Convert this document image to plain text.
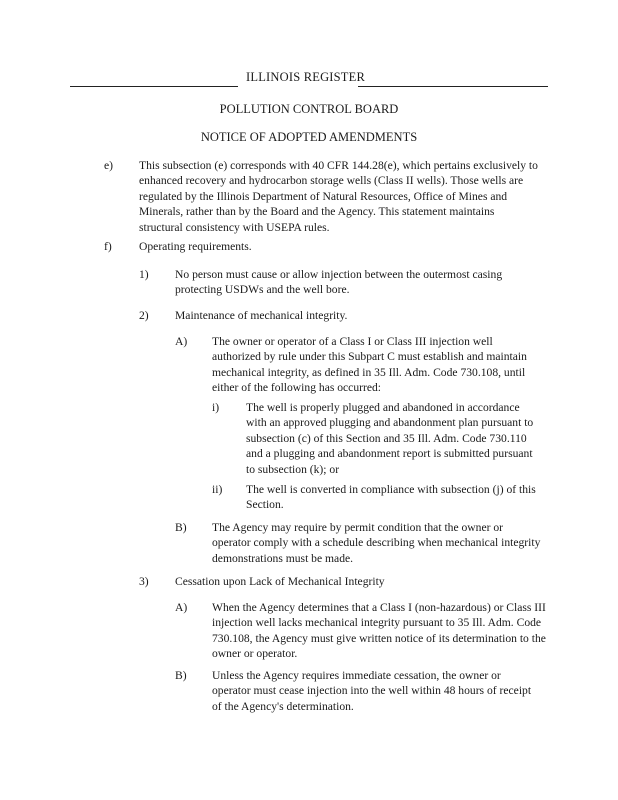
ILLINOIS REGISTER
POLLUTION CONTROL BOARD
NOTICE OF ADOPTED AMENDMENTS
e) This subsection (e) corresponds with 40 CFR 144.28(e), which pertains exclusively to enhanced recovery and hydrocarbon storage wells (Class II wells). Those wells are regulated by the Illinois Department of Natural Resources, Office of Mines and Minerals, rather than by the Board and the Agency. This statement maintains structural consistency with USEPA rules.
f) Operating requirements.
1) No person must cause or allow injection between the outermost casing protecting USDWs and the well bore.
2) Maintenance of mechanical integrity.
A) The owner or operator of a Class I or Class III injection well authorized by rule under this Subpart C must establish and maintain mechanical integrity, as defined in 35 Ill. Adm. Code 730.108, until either of the following has occurred:
i) The well is properly plugged and abandoned in accordance with an approved plugging and abandonment plan pursuant to subsection (c) of this Section and 35 Ill. Adm. Code 730.110 and a plugging and abandonment report is submitted pursuant to subsection (k); or
ii) The well is converted in compliance with subsection (j) of this Section.
B) The Agency may require by permit condition that the owner or operator comply with a schedule describing when mechanical integrity demonstrations must be made.
3) Cessation upon Lack of Mechanical Integrity
A) When the Agency determines that a Class I (non-hazardous) or Class III injection well lacks mechanical integrity pursuant to 35 Ill. Adm. Code 730.108, the Agency must give written notice of its determination to the owner or operator.
B) Unless the Agency requires immediate cessation, the owner or operator must cease injection into the well within 48 hours of receipt of the Agency's determination.
